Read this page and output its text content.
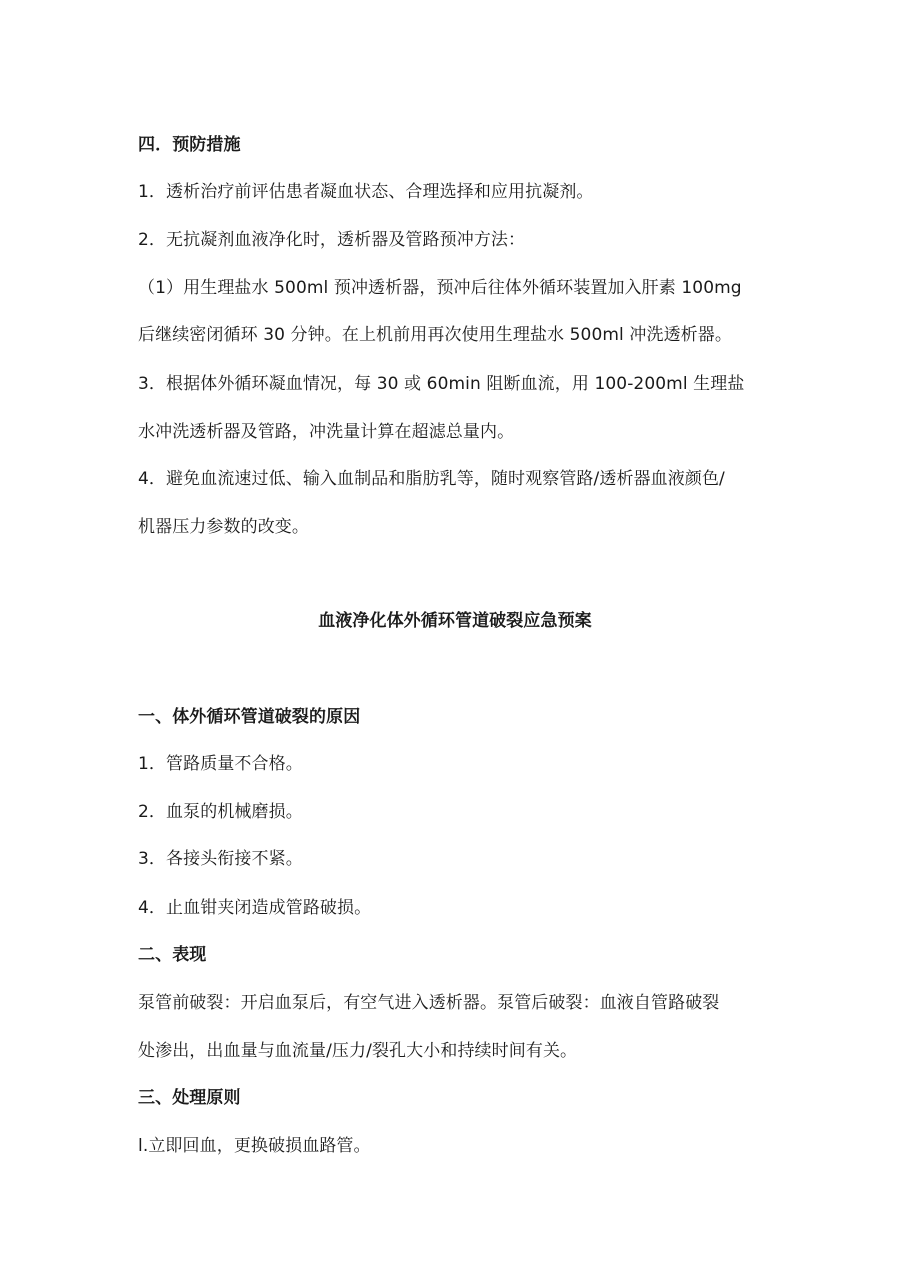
四．预防措施
1．透析治疗前评估患者凝血状态、合理选择和应用抗凝剂。
2．无抗凝剂血液净化时，透析器及管路预冲方法：
（1）用生理盐水 500ml 预冲透析器，预冲后往体外循环装置加入肝素 100mg
后继续密闭循环 30 分钟。在上机前用再次使用生理盐水 500ml 冲洗透析器。
3．根据体外循环凝血情况，每 30 或 60min 阻断血流，用 100-200ml 生理盐
水冲洗透析器及管路，冲洗量计算在超滤总量内。
4．避免血流速过低、输入血制品和脂肪乳等，随时观察管路/透析器血液颜色/
机器压力参数的改变。
血液净化体外循环管道破裂应急预案
一、体外循环管道破裂的原因
1．管路质量不合格。
2．血泵的机械磨损。
3．各接头衔接不紧。
4．止血钳夹闭造成管路破损。
二、表现
泵管前破裂：开启血泵后，有空气进入透析器。泵管后破裂：血液自管路破裂
处渗出，出血量与血流量/压力/裂孔大小和持续时间有关。
三、处理原则
l.立即回血，更换破损血路管。
